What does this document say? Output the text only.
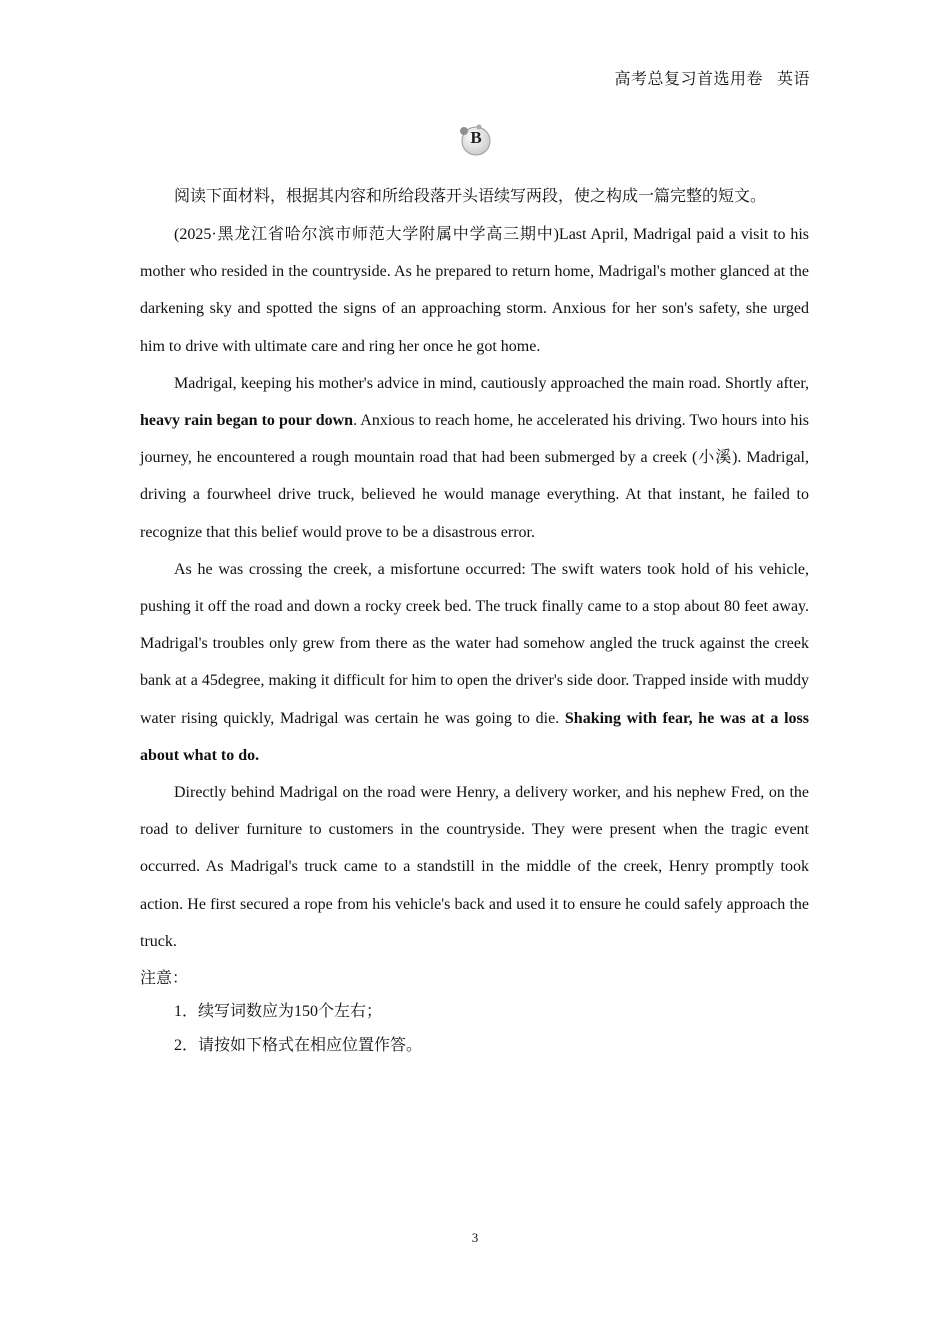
高考总复习首选用卷 英语
B

阅读下面材料，根据其内容和所给段落开头语续写两段，使之构成一篇完整的短文。

(2025·黑龙江省哈尔滨市师范大学附属中学高三期中)Last April, Madrigal paid a visit to his mother who resided in the countryside. As he prepared to return home, Madrigal's mother glanced at the darkening sky and spotted the signs of an approaching storm. Anxious for her son's safety, she urged him to drive with ultimate care and ring her once he got home.

Madrigal, keeping his mother's advice in mind, cautiously approached the main road. Shortly after, heavy rain began to pour down. Anxious to reach home, he accelerated his driving. Two hours into his journey, he encountered a rough mountain road that had been submerged by a creek (小溪). Madrigal, driving a fourwheel drive truck, believed he would manage everything. At that instant, he failed to recognize that this belief would prove to be a disastrous error.

As he was crossing the creek, a misfortune occurred: The swift waters took hold of his vehicle, pushing it off the road and down a rocky creek bed. The truck finally came to a stop about 80 feet away. Madrigal's troubles only grew from there as the water had somehow angled the truck against the creek bank at a 45degree, making it difficult for him to open the driver's side door. Trapped inside with muddy water rising quickly, Madrigal was certain he was going to die. Shaking with fear, he was at a loss about what to do.

Directly behind Madrigal on the road were Henry, a delivery worker, and his nephew Fred, on the road to deliver furniture to customers in the countryside. They were present when the tragic event occurred. As Madrigal's truck came to a standstill in the middle of the creek, Henry promptly took action. He first secured a rope from his vehicle's back and used it to ensure he could safely approach the truck.

注意：

1．续写词数应为150个左右；

2．请按如下格式在相应位置作答。

3
